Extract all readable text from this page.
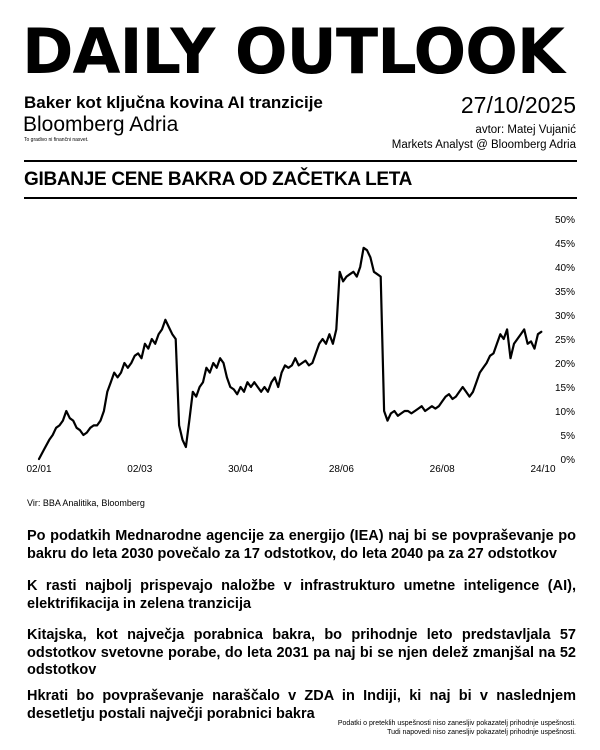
DAILY OUTLOOK
Baker kot ključna kovina AI tranzicije
Bloomberg Adria
To gradivo ni finančni nasvet.
27/10/2025
avtor: Matej Vujanić
Markets Analyst @ Bloomberg Adria
GIBANJE CENE BAKRA OD ZAČETKA LETA
0%
5%
10%
15%
20%
25%
30%
35%
40%
45%
50%
02/01	02/03	30/04	28/06	26/08	24/10
Vir: BBA Analitika, Bloomberg
Po podatkih Mednarodne agencije za energijo (IEA) naj bi se povpraševanje po bakru do leta 2030 povečalo za 17 odstotkov, do leta 2040 pa za 27 odstotkov
K rasti najbolj prispevajo naložbe v infrastrukturo umetne inteligence (AI), elektrifikacija in zelena tranzicija
Kitajska, kot največja porabnica bakra, bo prihodnje leto predstavljala 57 odstotkov svetovne porabe, do leta 2031 pa naj bi se njen delež zmanjšal na 52 odstotkov
Hkrati bo povpraševanje naraščalo v ZDA in Indiji, ki naj bi v naslednjem desetletju postali največji porabnici bakra
Podatki o preteklih uspešnosti niso zanesljiv pokazatelj prihodnje uspešnosti.
Tudi napovedi niso zanesljiv pokazatelj prihodnje uspešnosti.
